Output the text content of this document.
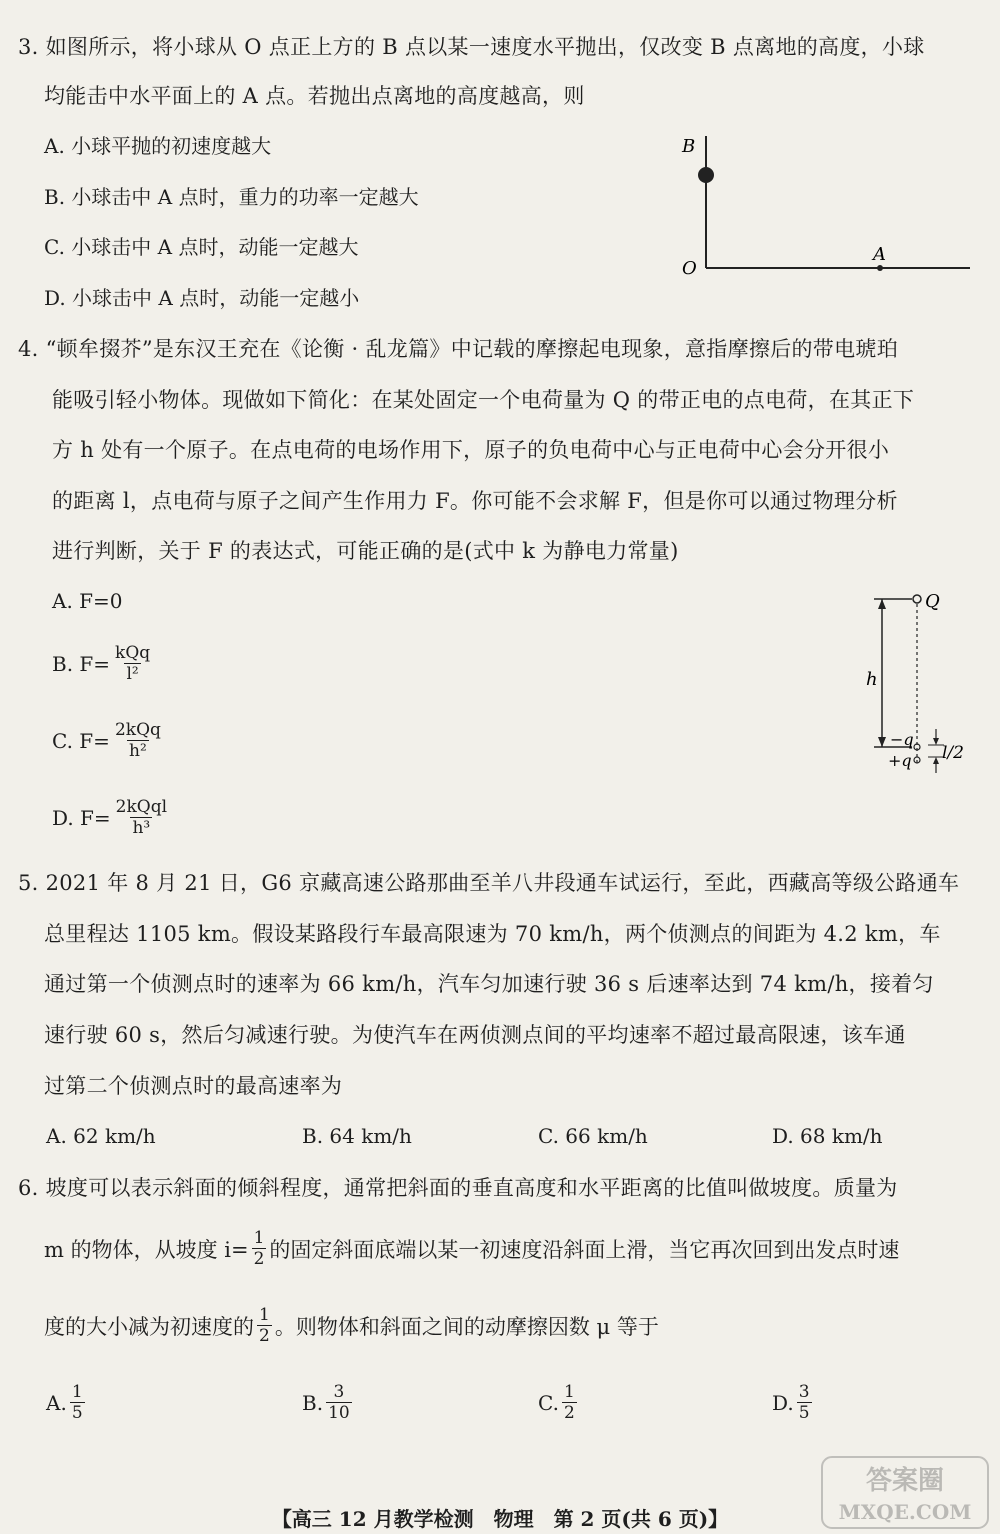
3. 如图所示，将小球从 O 点正上方的 B 点以某一速度水平抛出，仅改变 B 点离地的高度，小球
均能击中水平面上的 A 点。若抛出点离地的高度越高，则
A. 小球平抛的初速度越大
B. 小球击中 A 点时，重力的功率一定越大
C. 小球击中 A 点时，动能一定越大
D. 小球击中 A 点时，动能一定越小
B
O
A
4. “顿牟掇芥”是东汉王充在《论衡 · 乱龙篇》中记载的摩擦起电现象，意指摩擦后的带电琥珀
能吸引轻小物体。现做如下简化：在某处固定一个电荷量为 Q 的带正电的点电荷，在其正下
方 h 处有一个原子。在点电荷的电场作用下，原子的负电荷中心与正电荷中心会分开很小
的距离 l，点电荷与原子之间产生作用力 F。你可能不会求解 F，但是你可以通过物理分析
进行判断，关于 F 的表达式，可能正确的是(式中 k 为静电力常量)
A. F=0
B. $F= \frac{\text{kQq}}{\text{l²}}$
C. $F= \frac{\text{2kQq}}{\text{h²}}$
D. $F= \frac{\text{2kQql}}{\text{h³}}$
Q
h
−q
+q l/2
5. 2021 年 8 月 21 日，G6 京藏高速公路那曲至羊八井段通车试运行，至此，西藏高等级公路通车
总里程达 1105 km。假设某路段行车最高限速为 70 km/h，两个侦测点的间距为 4.2 km，车
通过第一个侦测点时的速率为 66 km/h，汽车匀加速行驶 36 s 后速率达到 74 km/h，接着匀
速行驶 60 s，然后匀减速行驶。为使汽车在两侦测点间的平均速率不超过最高限速，该车通
过第二个侦测点时的最高速率为
A. 62 km/h	B. 64 km/h	C. 66 km/h	D. 68 km/h
6. 坡度可以表示斜面的倾斜程度，通常把斜面的垂直高度和水平距离的比值叫做坡度。质量为
m 的物体，从坡度 $i= \frac{1}{2}$ 的固定斜面底端以某一初速度沿斜面上滑，当它再次回到出发点时速
度的大小减为初速度的 $\frac{1}{2}$ 。则物体和斜面之间的动摩擦因数 μ 等于
A. $\frac{1}{5}$	B. $\frac{3}{10}$	C. $\frac{1}{2}$	D. $\frac{3}{5}$
【高三 12 月教学检测　物理　第 2 页(共 6 页)】
答案圈
MXQE.COM
